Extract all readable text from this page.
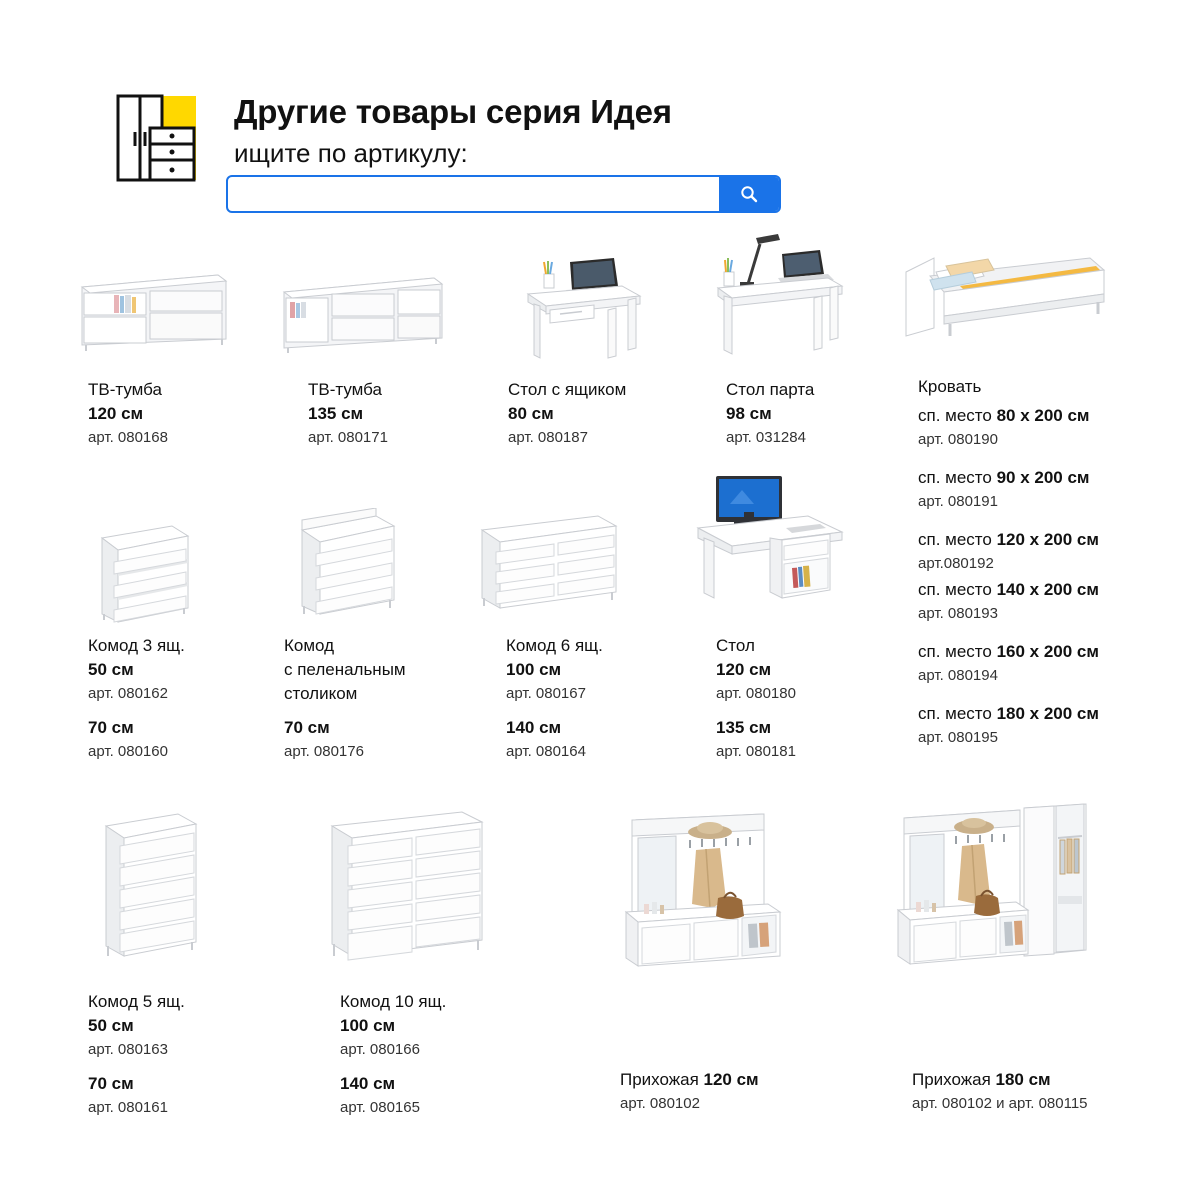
Другие товары серия Идея
ищите по артикулу:
ТВ-тумба
120 см
арт. 080168
ТВ-тумба
135 см
арт. 080171
Стол с ящиком
80 см
арт. 080187
Стол парта
98 см
арт. 031284
Кровать
сп. место 80 х 200 см
арт. 080190
сп. место 90 х 200 см
арт. 080191
сп. место 120 х 200 см
арт.080192
сп. место 140 х 200 см
арт. 080193
сп. место 160 х 200 см
арт. 080194
сп. место 180 х 200 см
арт. 080195
Комод 3 ящ.
50 см
арт. 080162
70 см
арт. 080160
Комод
с пеленальным
столиком
70 см
арт. 080176
Комод 6 ящ.
100 см
арт. 080167
140 см
арт. 080164
Стол
120 см
арт. 080180
135 см
арт. 080181
Комод 5 ящ.
50 см
арт. 080163
70 см
арт. 080161
Комод 10 ящ.
100 см
арт. 080166
140 см
арт. 080165
Прихожая 120 см
арт. 080102
Прихожая 180 см
арт. 080102 и арт. 080115
